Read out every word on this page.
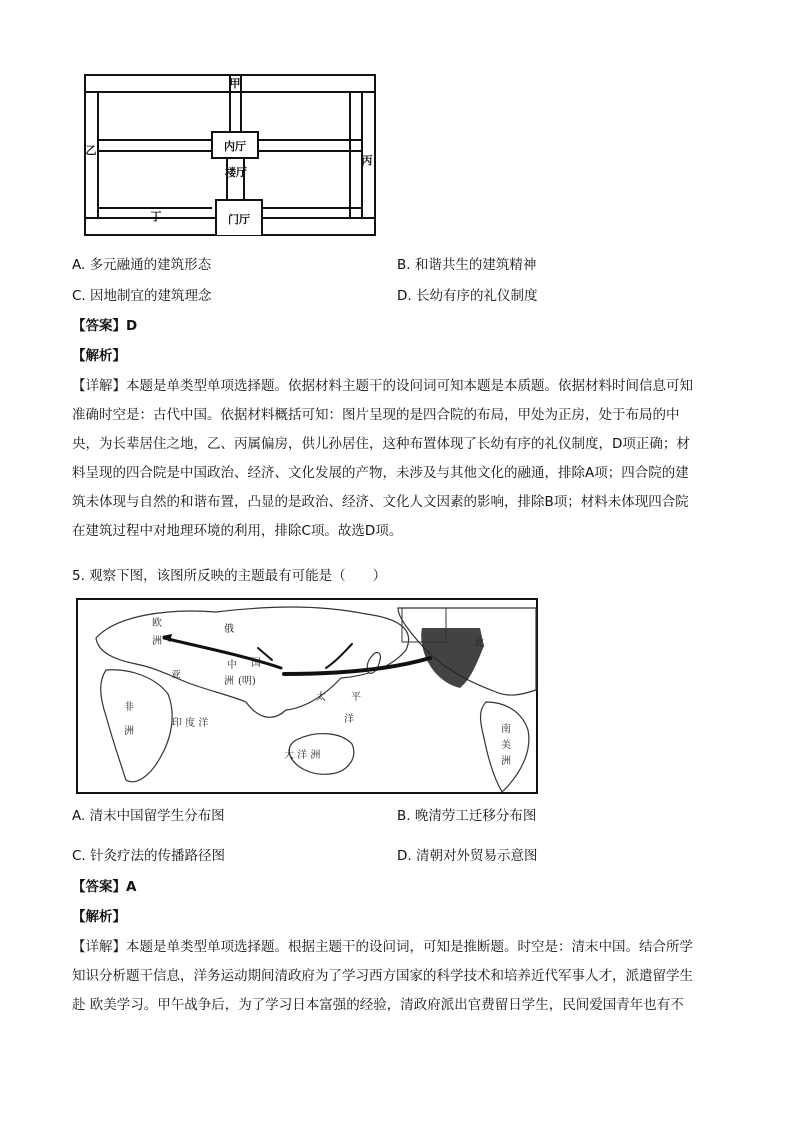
甲
乙
丙
丁
内厅
楼厅
门厅
A. 多元融通的建筑形态	B. 和谐共生的建筑精神
C. 因地制宜的建筑理念	D. 长幼有序的礼仪制度
【答案】D
【解析】
【详解】本题是单类型单项选择题。依据材料主题干的设问词可知本题是本质题。依据材料时间信息可知
准确时空是：古代中国。依据材料概括可知：图片呈现的是四合院的布局，甲处为正房，处于布局的中
央，为长辈居住之地，乙、丙属偏房，供儿孙居住，这种布置体现了长幼有序的礼仪制度，D项正确；材
料呈现的四合院是中国政治、经济、文化发展的产物，未涉及与其他文化的融通，排除A项；四合院的建
筑未体现与自然的和谐布置，凸显的是政治、经济、文化人文因素的影响，排除B项；材料未体现四合院
在建筑过程中对地理环境的利用，排除C项。故选D项。
5. 观察下图，该图所反映的主题最有可能是（　　）
欧
洲
俄
亚
中 国
洲 (明)
太	平
洋
非
洲
印 度 洋
大 洋 洲
北
南
美
洲
A. 清末中国留学生分布图	B. 晚清劳工迁移分布图
C. 针灸疗法的传播路径图	D. 清朝对外贸易示意图
【答案】A
【解析】
【详解】本题是单类型单项选择题。根据主题干的设问词，可知是推断题。时空是：清末中国。结合所学
知识分析题干信息，洋务运动期间清政府为了学习西方国家的科学技术和培养近代军事人才，派遣留学生
赴 欧美学习。甲午战争后，为了学习日本富强的经验，清政府派出官费留日学生，民间爱国青年也有不
